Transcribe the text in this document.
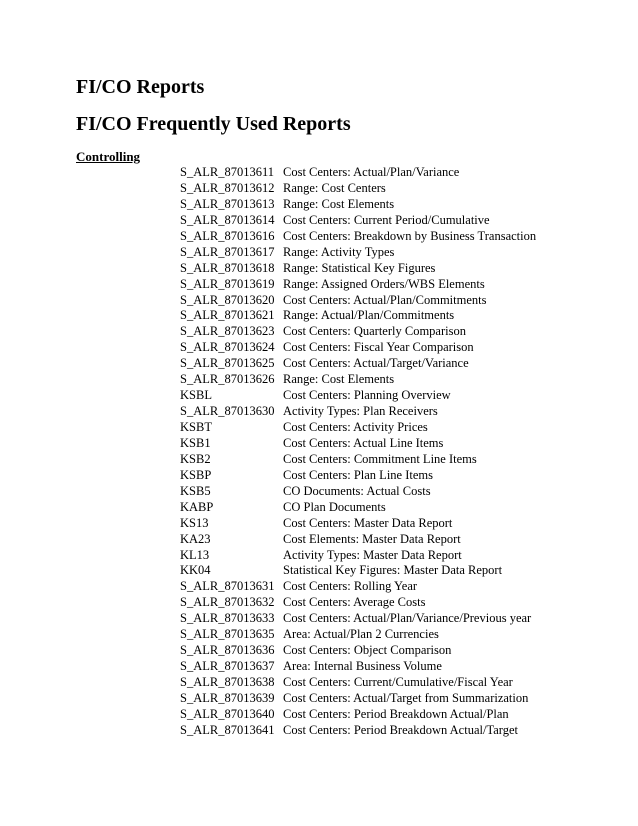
FI/CO Reports
FI/CO Frequently Used Reports
Controlling
S_ALR_87013611 Cost Centers: Actual/Plan/Variance
S_ALR_87013612 Range: Cost Centers
S_ALR_87013613 Range: Cost Elements
S_ALR_87013614 Cost Centers: Current Period/Cumulative
S_ALR_87013616 Cost Centers: Breakdown by Business Transaction
S_ALR_87013617 Range: Activity Types
S_ALR_87013618 Range: Statistical Key Figures
S_ALR_87013619 Range: Assigned Orders/WBS Elements
S_ALR_87013620 Cost Centers: Actual/Plan/Commitments
S_ALR_87013621 Range: Actual/Plan/Commitments
S_ALR_87013623 Cost Centers: Quarterly Comparison
S_ALR_87013624 Cost Centers: Fiscal Year Comparison
S_ALR_87013625 Cost Centers: Actual/Target/Variance
S_ALR_87013626 Range: Cost Elements
KSBL	Cost Centers: Planning Overview
S_ALR_87013630 Activity Types: Plan Receivers
KSBT	Cost Centers: Activity Prices
KSB1	Cost Centers: Actual Line Items
KSB2	Cost Centers: Commitment Line Items
KSBP	Cost Centers: Plan Line Items
KSB5	CO Documents: Actual Costs
KABP	CO Plan Documents
KS13	Cost Centers: Master Data Report
KA23	Cost Elements: Master Data Report
KL13	Activity Types: Master Data Report
KK04	Statistical Key Figures: Master Data Report
S_ALR_87013631 Cost Centers: Rolling Year
S_ALR_87013632 Cost Centers: Average Costs
S_ALR_87013633 Cost Centers: Actual/Plan/Variance/Previous year
S_ALR_87013635 Area: Actual/Plan 2 Currencies
S_ALR_87013636 Cost Centers: Object Comparison
S_ALR_87013637 Area: Internal Business Volume
S_ALR_87013638 Cost Centers: Current/Cumulative/Fiscal Year
S_ALR_87013639 Cost Centers: Actual/Target from Summarization
S_ALR_87013640 Cost Centers: Period Breakdown Actual/Plan
S_ALR_87013641 Cost Centers: Period Breakdown Actual/Target
